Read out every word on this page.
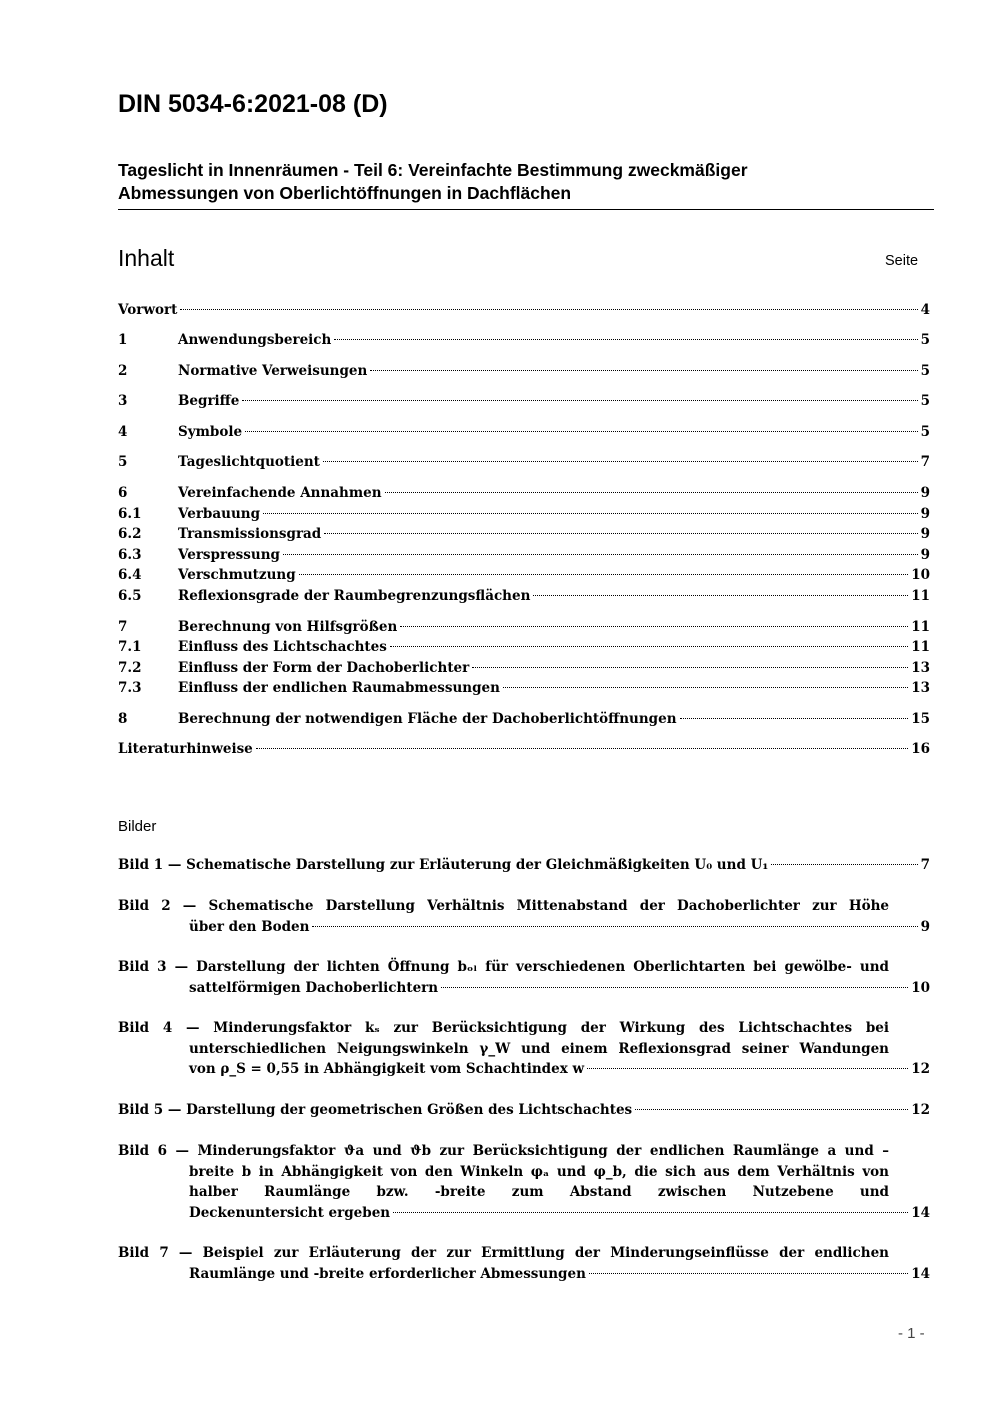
DIN 5034-6:2021-08 (D)
Tageslicht in Innenräumen - Teil 6: Vereinfachte Bestimmung zweckmäßiger
Abmessungen von Oberlichtöffnungen in Dachflächen
Inhalt	Seite
Vorwort	4
1	Anwendungsbereich	5
2	Normative Verweisungen	5
3	Begriffe	5
4	Symbole	5
5	Tageslichtquotient	7
6	Vereinfachende Annahmen	9
6.1	Verbauung	9
6.2	Transmissionsgrad	9
6.3	Verspressung	9
6.4	Verschmutzung	10
6.5	Reflexionsgrade der Raumbegrenzungsflächen	11
7	Berechnung von Hilfsgrößen	11
7.1	Einfluss des Lichtschachtes	11
7.2	Einfluss der Form der Dachoberlichter	13
7.3	Einfluss der endlichen Raumabmessungen	13
8	Berechnung der notwendigen Fläche der Dachoberlichtöffnungen	15
Literaturhinweise	16
Bilder
Bild 1 — Schematische Darstellung zur Erläuterung der Gleichmäßigkeiten U₀ und U₁	7
Bild 2 — Schematische Darstellung Verhältnis Mittenabstand der Dachoberlichter zur Höhe
über den Boden	9
Bild 3 — Darstellung der lichten Öffnung bₒₗ für verschiedenen Oberlichtarten bei gewölbe- und
sattelförmigen Dachoberlichtern	10
Bild 4 — Minderungsfaktor kₛ zur Berücksichtigung der Wirkung des Lichtschachtes bei
unterschiedlichen Neigungswinkeln γ_W und einem Reflexionsgrad seiner Wandungen
von ρ_S = 0,55 in Abhängigkeit vom Schachtindex w	12
Bild 5 — Darstellung der geometrischen Größen des Lichtschachtes	12
Bild 6 — Minderungsfaktor ϑa und ϑb zur Berücksichtigung der endlichen Raumlänge a und –
breite b in Abhängigkeit von den Winkeln φₐ und φ_b, die sich aus dem Verhältnis von
halber Raumlänge bzw. -breite zum Abstand zwischen Nutzebene und
Deckenuntersicht ergeben	14
Bild 7 — Beispiel zur Erläuterung der zur Ermittlung der Minderungseinflüsse der endlichen
Raumlänge und -breite erforderlicher Abmessungen	14
- 1 -
